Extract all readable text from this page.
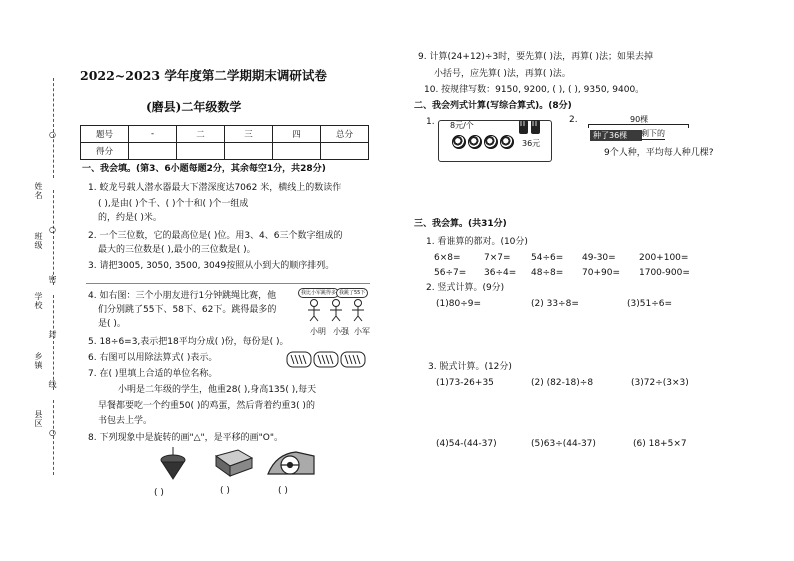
○
○
密
封
线
○
姓名
班级
学校
乡镇
县区
2022~2023 学年度第二学期期末调研试卷
(磨县)二年级数学
题号	-	二	三	四	总分
得分					
一、我会填。(第3、6小题每题2分，其余每空1分，共28分)
1. 蛟龙号载人潜水器最大下潜深度达7062 米，横线上的数读作
( ),是由( )个千、( )个十和( )个一组成
的，约是( )米。
2. 一个三位数，它的最高位是( )位。用3、4、6三个数字组成的
最大的三位数是( ),最小的三位数是( )。
3. 请把3005, 3050, 3500, 3049按照从小到大的顺序排列。
4. 如右图：三个小朋友进行1分钟跳绳比赛，他
们分别跳了55下、58下、62下。跳得最多的
是( )。
我比小军跳得多 我跳了55下
小明 小强 小军
5. 18÷6=3,表示把18平均分成( )份，每份是( )。
6. 右图可以用除法算式( )表示。
7. 在( )里填上合适的单位名称。
小明是二年级的学生，他重28( ),身高135( ),每天
早餐都要吃一个约重50( )的鸡蛋，然后背着约重3( )的
书包去上学。
8. 下列现象中是旋转的画"△"，是平移的画"O"。
( )	( )	( )
9. 计算(24+12)÷3时，要先算( )法，再算( )法；如果去掉
小括号，应先算( )法，再算( )法。
10. 按规律写数：9150, 9200, ( ), ( ), 9350, 9400。
二、我会列式计算(写综合算式)。(8分)
1. 8元/个
36元
2.	90棵
种了36棵	剩下的
9个人种，平均每人种几棵?
三、我会算。(共31分)
1. 看谁算的都对。(10分)
6×8=	7×7= 54÷6= 49-30=	200+100=
56÷7= 36÷4= 48÷8= 70+90= 1700-900=
2. 竖式计算。(9分)
(1)80÷9=	(2) 33÷8=	(3)51÷6=
3. 脱式计算。(12分)
(1)73-26+35	(2) (82-18)÷8	(3)72÷(3×3)
(4)54-(44-37)	(5)63÷(44-37)	(6) 18+5×7
